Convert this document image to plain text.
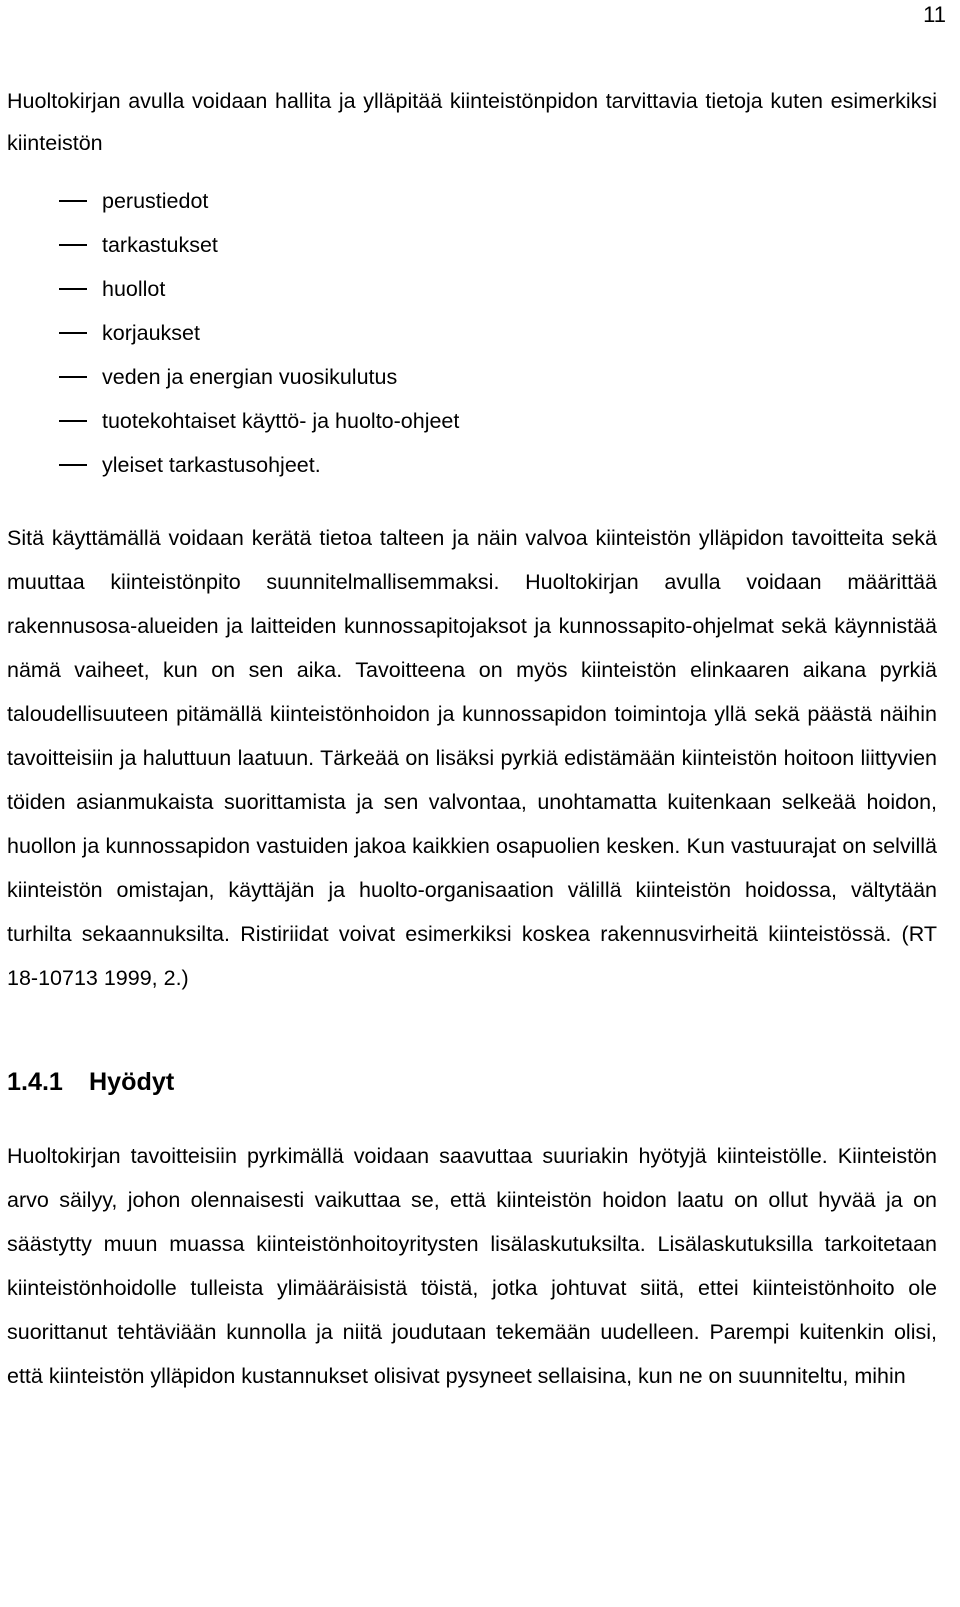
11

Huoltokirjan avulla voidaan hallita ja ylläpitää kiinteistönpidon tarvittavia tietoja kuten esimerkiksi kiinteistön

perustiedot
tarkastukset
huollot
korjaukset
veden ja energian vuosikulutus
tuotekohtaiset käyttö- ja huolto-ohjeet
yleiset tarkastusohjeet.

Sitä käyttämällä voidaan kerätä tietoa talteen ja näin valvoa kiinteistön ylläpidon tavoitteita sekä muuttaa kiinteistönpito suunnitelmallisemmaksi. Huoltokirjan avulla voidaan määrittää rakennusosa-alueiden ja laitteiden kunnossapitojaksot ja kunnossapito-ohjelmat sekä käynnistää nämä vaiheet, kun on sen aika. Tavoitteena on myös kiinteistön elinkaaren aikana pyrkiä taloudellisuuteen pitämällä kiinteistönhoidon ja kunnossapidon toimintoja yllä sekä päästä näihin tavoitteisiin ja haluttuun laatuun. Tärkeää on lisäksi pyrkiä edistämään kiinteistön hoitoon liittyvien töiden asianmukaista suorittamista ja sen valvontaa, unohtamatta kuitenkaan selkeää hoidon, huollon ja kunnossapidon vastuiden jakoa kaikkien osapuolien kesken. Kun vastuurajat on selvillä kiinteistön omistajan, käyttäjän ja huolto-organisaation välillä kiinteistön hoidossa, vältytään turhilta sekaannuksilta. Ristiriidat voivat esimerkiksi koskea rakennusvirheitä kiinteistössä. (RT 18-10713 1999, 2.)

1.4.1 Hyödyt

Huoltokirjan tavoitteisiin pyrkimällä voidaan saavuttaa suuriakin hyötyjä kiinteistölle. Kiinteistön arvo säilyy, johon olennaisesti vaikuttaa se, että kiinteistön hoidon laatu on ollut hyvää ja on säästytty muun muassa kiinteistönhoitoyritysten lisälaskutuksilta. Lisälaskutuksilla tarkoitetaan kiinteistönhoidolle tulleista ylimääräisistä töistä, jotka johtuvat siitä, ettei kiinteistönhoito ole suorittanut tehtäviään kunnolla ja niitä joudutaan tekemään uudelleen. Parempi kuitenkin olisi, että kiinteistön ylläpidon kustannukset olisivat pysyneet sellaisina, kun ne on suunniteltu, mihin
